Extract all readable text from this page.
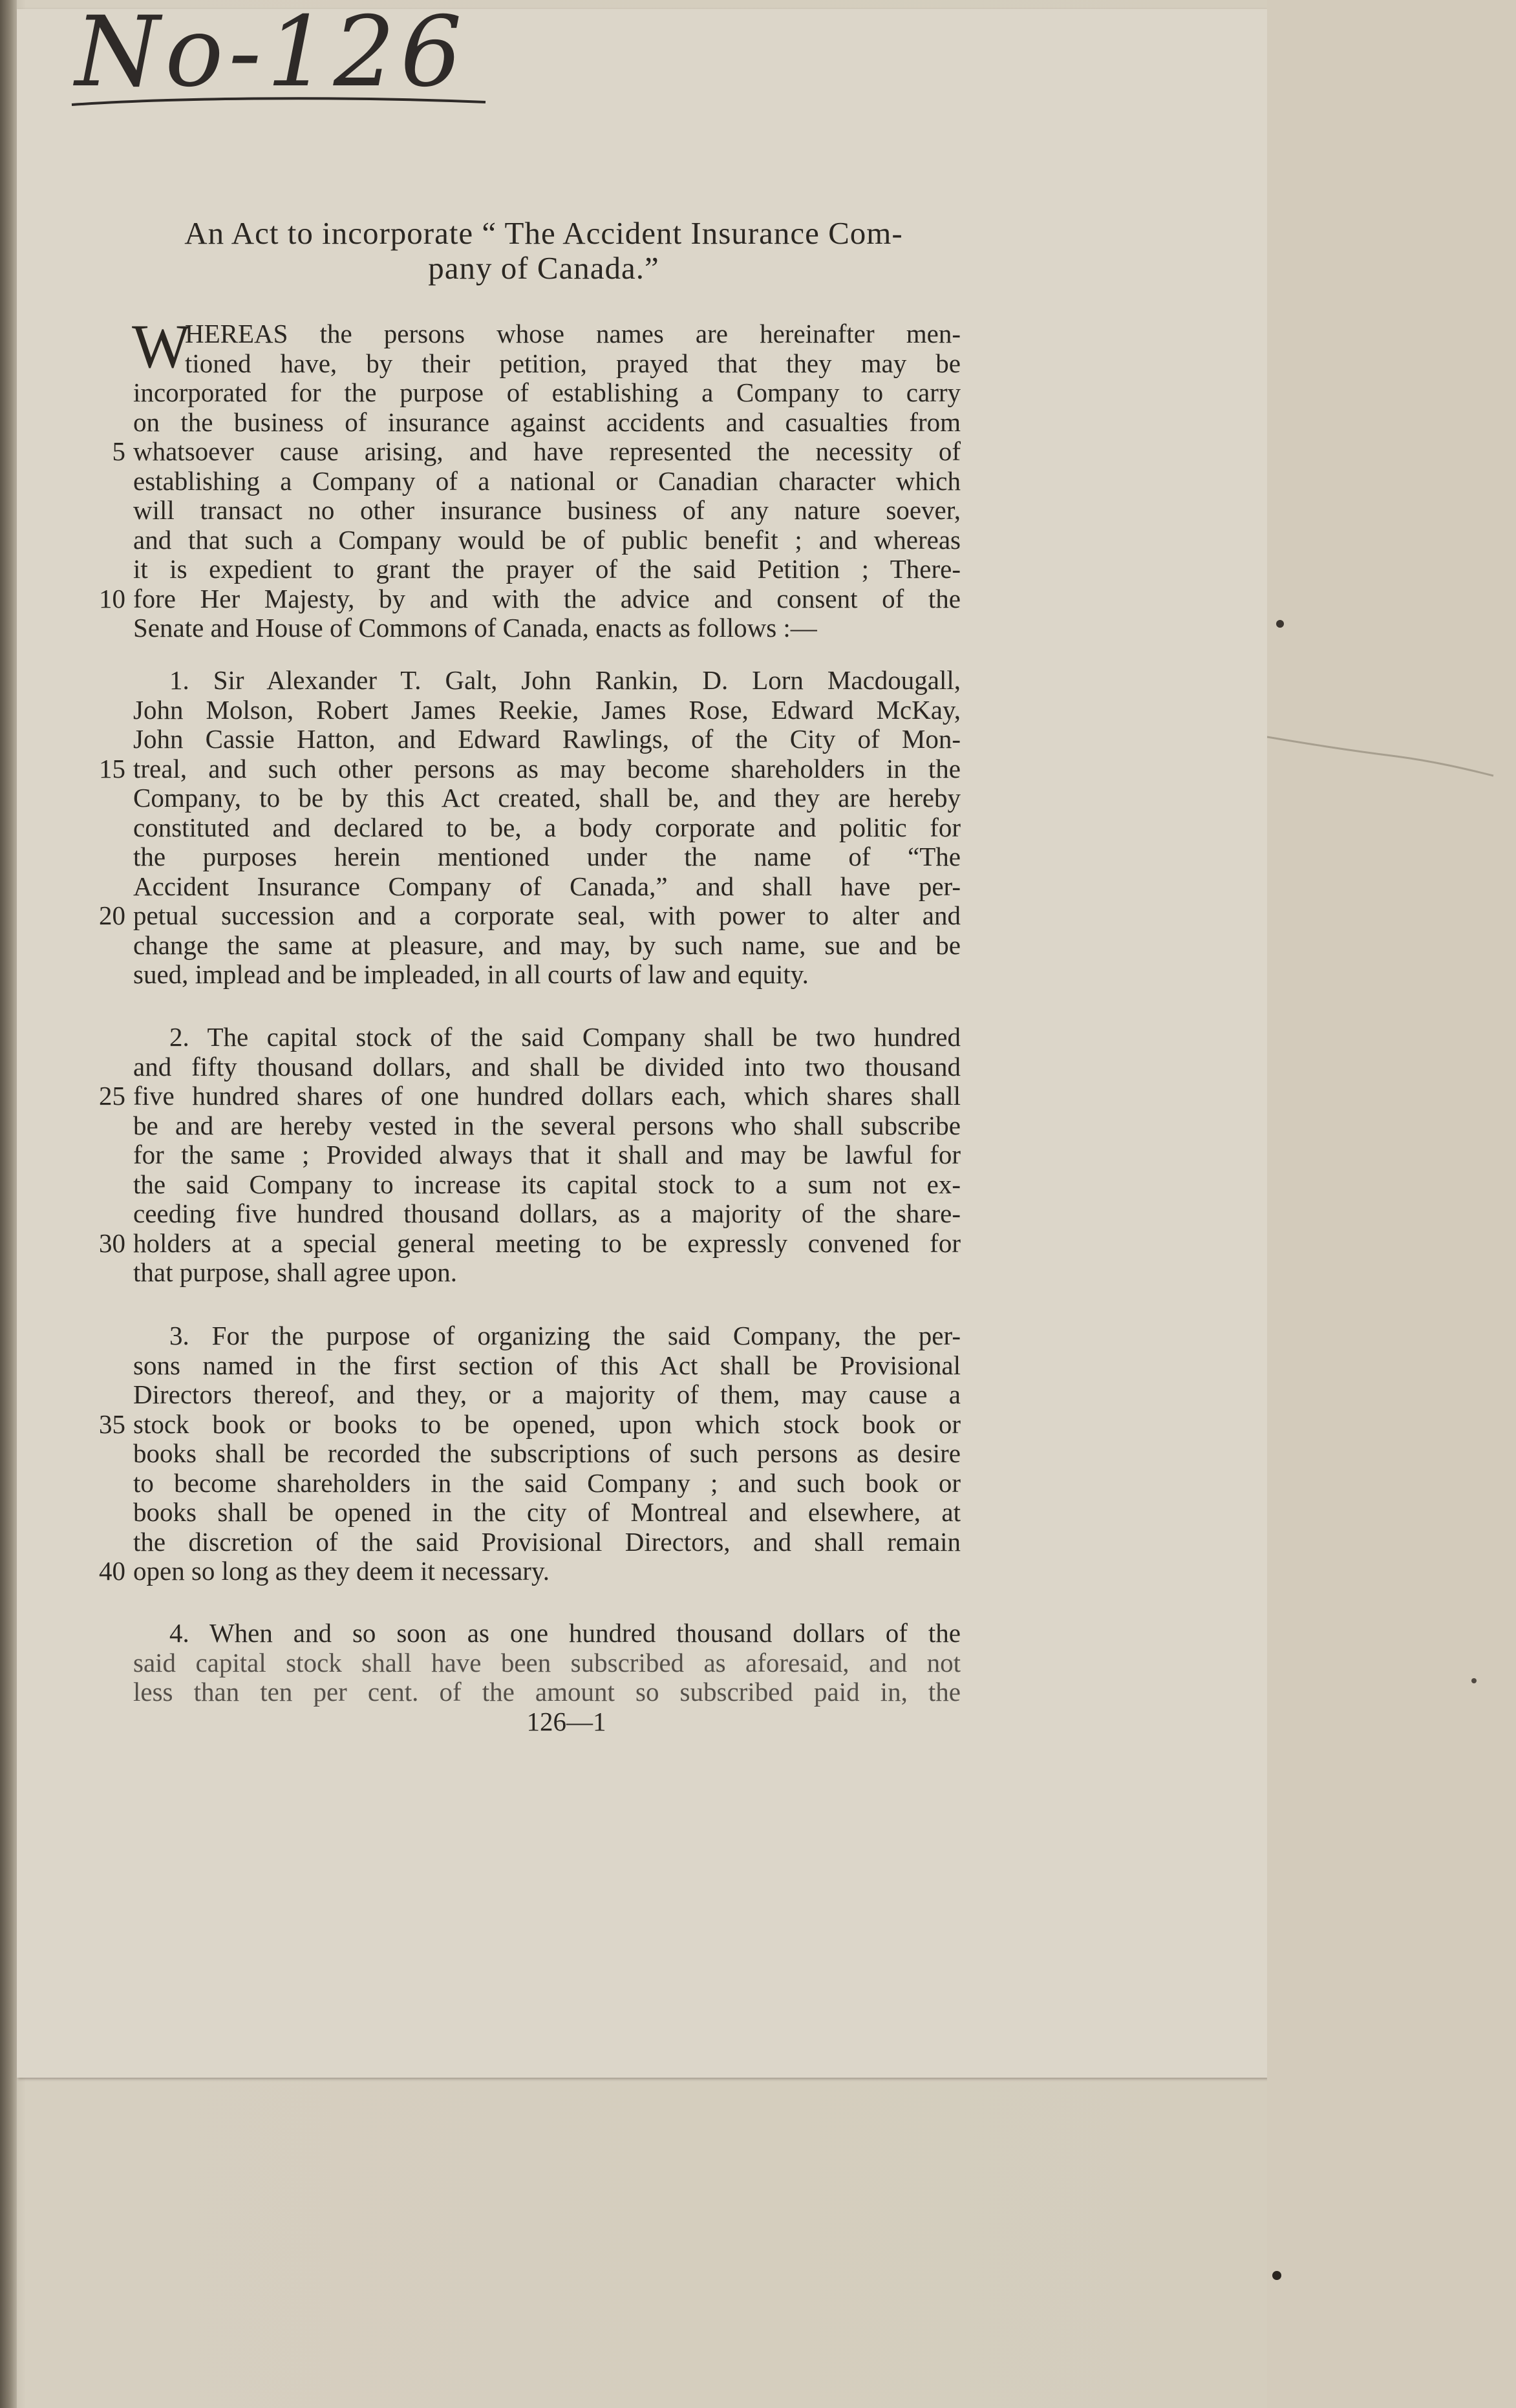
No-126
An Act to incorporate “ The Accident Insurance Com-
pany of Canada.”
W
HEREAS the persons whose names are hereinafter men-
tioned have, by their petition, prayed that they may be
incorporated for the purpose of establishing a Company to carry
on the business of insurance against accidents and casualties from
5 whatsoever cause arising, and have represented the necessity of
establishing a Company of a national or Canadian character which
will transact no other insurance business of any nature soever,
and that such a Company would be of public benefit ; and whereas
it is expedient to grant the prayer of the said Petition ; There-
10 fore Her Majesty, by and with the advice and consent of the
Senate and House of Commons of Canada, enacts as follows :—
1. Sir Alexander T. Galt, John Rankin, D. Lorn Macdougall,
John Molson, Robert James Reekie, James Rose, Edward McKay,
John Cassie Hatton, and Edward Rawlings, of the City of Mon-
15 treal, and such other persons as may become shareholders in the
Company, to be by this Act created, shall be, and they are hereby
constituted and declared to be, a body corporate and politic for
the purposes herein mentioned under the name of “The
Accident Insurance Company of Canada,” and shall have per-
20 petual succession and a corporate seal, with power to alter and
change the same at pleasure, and may, by such name, sue and be
sued, implead and be impleaded, in all courts of law and equity.
2. The capital stock of the said Company shall be two hundred
and fifty thousand dollars, and shall be divided into two thousand
25 five hundred shares of one hundred dollars each, which shares shall
be and are hereby vested in the several persons who shall subscribe
for the same ; Provided always that it shall and may be lawful for
the said Company to increase its capital stock to a sum not ex-
ceeding five hundred thousand dollars, as a majority of the share-
30 holders at a special general meeting to be expressly convened for
that purpose, shall agree upon.
3. For the purpose of organizing the said Company, the per-
sons named in the first section of this Act shall be Provisional
Directors thereof, and they, or a majority of them, may cause a
35 stock book or books to be opened, upon which stock book or
books shall be recorded the subscriptions of such persons as desire
to become shareholders in the said Company ; and such book or
books shall be opened in the city of Montreal and elsewhere, at
the discretion of the said Provisional Directors, and shall remain
40 open so long as they deem it necessary.
4. When and so soon as one hundred thousand dollars of the
said capital stock shall have been subscribed as aforesaid, and not
less than ten per cent. of the amount so subscribed paid in, the
126—1
